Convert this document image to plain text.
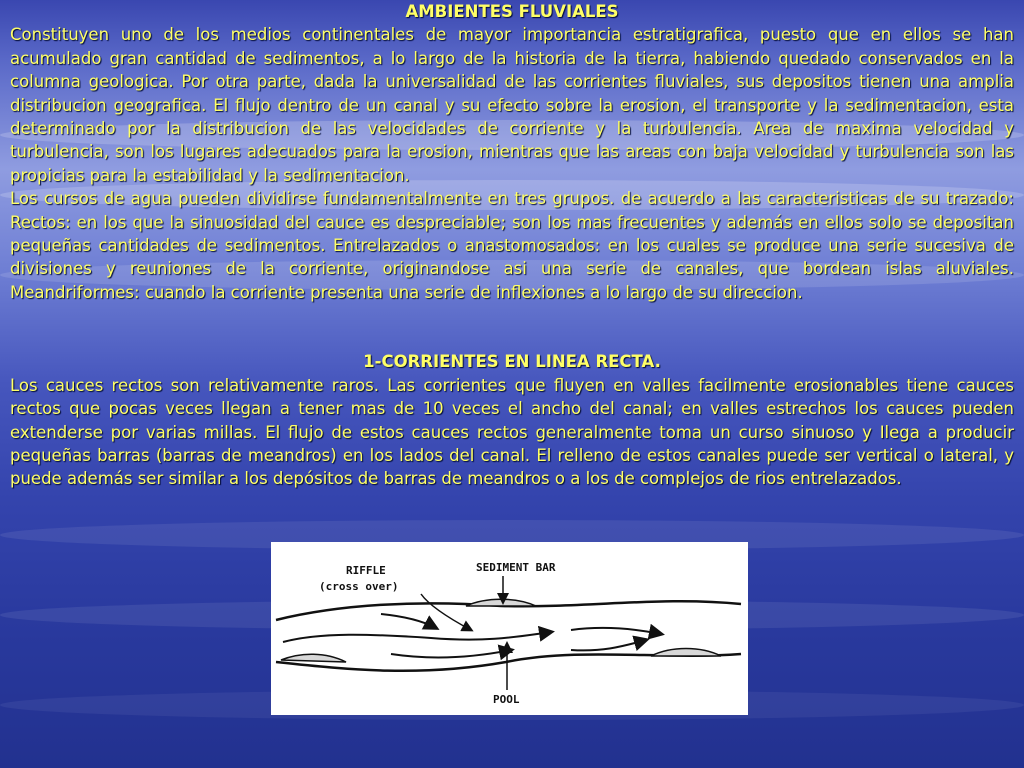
AMBIENTES FLUVIALES

Constituyen uno de los medios continentales de mayor importancia estratigrafica, puesto que en ellos se han acumulado gran cantidad de sedimentos, a lo largo de la historia de la tierra, habiendo quedado conservados en la columna geologica. Por otra parte, dada la universalidad de las corrientes fluviales, sus depositos tienen una amplia distribucion geografica. El flujo dentro de un canal y su efecto sobre la erosion, el transporte y la sedimentacion, esta determinado por la distribucion de las velocidades de corriente y la turbulencia. Area de maxima velocidad y turbulencia, son los lugares adecuados para la erosion, mientras que las areas con baja velocidad y turbulencia son las propicias para la estabilidad y la sedimentacion.

Los cursos de agua pueden dividirse fundamentalmente en tres grupos. de acuerdo a las caracteristicas de su trazado: Rectos: en los que la sinuosidad del cauce es despreciable; son los mas frecuentes y además en ellos solo se depositan pequeñas cantidades de sedimentos. Entrelazados o anastomosados: en los cuales se produce una serie sucesiva de divisiones y reuniones de la corriente, originandose asi una serie de canales, que bordean islas aluviales. Meandriformes: cuando la corriente presenta una serie de inflexiones a lo largo de su direccion.

1-CORRIENTES EN LINEA RECTA.

Los cauces rectos son relativamente raros. Las corrientes que fluyen en valles facilmente erosionables tiene cauces rectos que pocas veces llegan a tener mas de 10 veces el ancho del canal; en valles estrechos los cauces pueden extenderse por varias millas. El flujo de estos cauces rectos generalmente toma un curso sinuoso y Ilega a producir pequeñas barras (barras de meandros) en los lados del canal. El relleno de estos canales puede ser vertical o lateral, y puede además ser similar a los depósitos de barras de meandros o a los de complejos de rios entrelazados.

RIFFLE
(cross over)
SEDIMENT BAR
POOL
